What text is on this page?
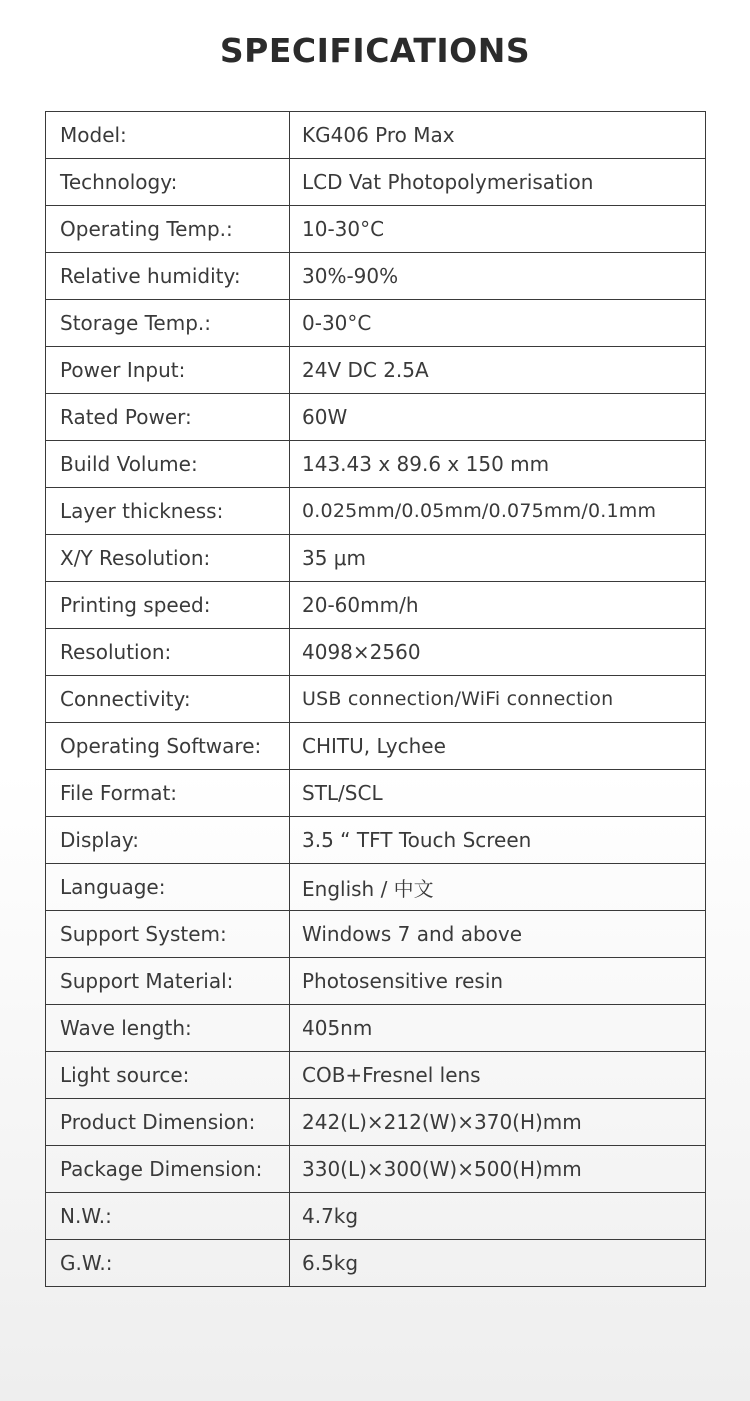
SPECIFICATIONS
Model:	KG406 Pro Max
Technology:	LCD Vat Photopolymerisation
Operating Temp.:	10-30°C
Relative humidity:	30%-90%
Storage Temp.:	0-30°C
Power Input:	24V DC 2.5A
Rated Power:	60W
Build Volume:	143.43 x 89.6 x 150 mm
Layer thickness:	0.025mm/0.05mm/0.075mm/0.1mm
X/Y Resolution:	35 μm
Printing speed:	20-60mm/h
Resolution:	4098×2560
Connectivity:	USB connection/WiFi connection
Operating Software:	CHITU, Lychee
File Format:	STL/SCL
Display:	3.5 “ TFT Touch Screen
Language:	English / 中文
Support System:	Windows 7 and above
Support Material:	Photosensitive resin
Wave length:	405nm
Light source:	COB+Fresnel lens
Product Dimension:	242(L)×212(W)×370(H)mm
Package Dimension:	330(L)×300(W)×500(H)mm
N.W.:	4.7kg
G.W.:	6.5kg
